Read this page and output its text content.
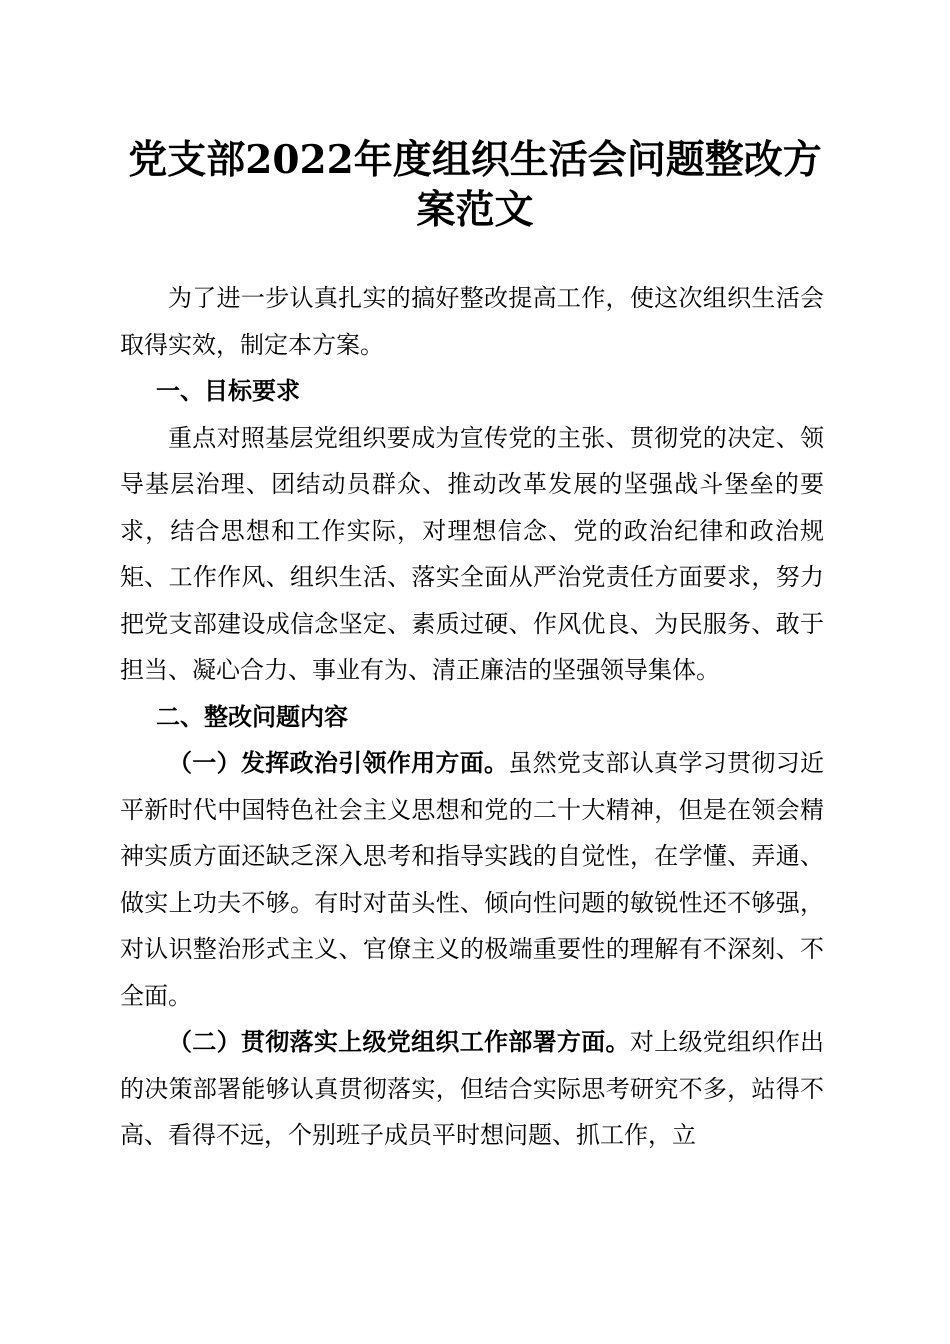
党支部2022年度组织生活会问题整改方案范文

为了进一步认真扎实的搞好整改提高工作，使这次组织生活会取得实效，制定本方案。

一、目标要求

重点对照基层党组织要成为宣传党的主张、贯彻党的决定、领导基层治理、团结动员群众、推动改革发展的坚强战斗堡垒的要求，结合思想和工作实际，对理想信念、党的政治纪律和政治规矩、工作作风、组织生活、落实全面从严治党责任方面要求，努力把党支部建设成信念坚定、素质过硬、作风优良、为民服务、敢于担当、凝心合力、事业有为、清正廉洁的坚强领导集体。

二、整改问题内容

（一）发挥政治引领作用方面。虽然党支部认真学习贯彻习近平新时代中国特色社会主义思想和党的二十大精神，但是在领会精神实质方面还缺乏深入思考和指导实践的自觉性，在学懂、弄通、做实上功夫不够。有时对苗头性、倾向性问题的敏锐性还不够强，对认识整治形式主义、官僚主义的极端重要性的理解有不深刻、不全面。

（二）贯彻落实上级党组织工作部署方面。对上级党组织作出的决策部署能够认真贯彻落实，但结合实际思考研究不多，站得不高、看得不远，个别班子成员平时想问题、抓工作，立
